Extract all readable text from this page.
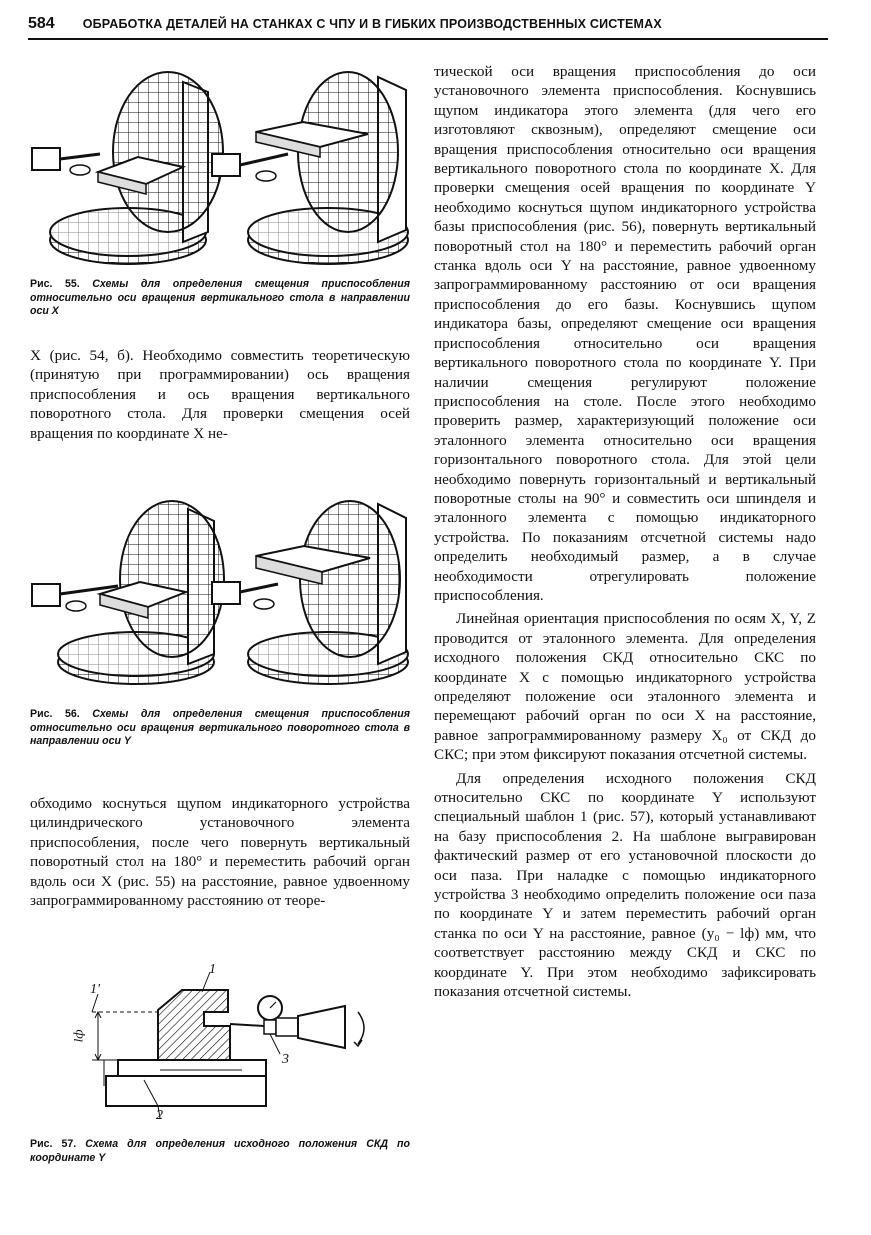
584 ОБРАБОТКА ДЕТАЛЕЙ НА СТАНКАХ С ЧПУ И В ГИБКИХ ПРОИЗВОДСТВЕННЫХ СИСТЕМАХ

Рис. 55. Схемы для определения смещения приспособления относительно оси вращения вертикального стола в направлении оси X

X (рис. 54, б). Необходимо совместить теоретическую (принятую при программировании) ось вращения приспособления и ось вращения вертикального поворотного стола. Для проверки смещения осей вращения по координате X не-

Рис. 56. Схемы для определения смещения приспособления относительно оси вращения вертикального поворотного стола в направлении оси Y

обходимо коснуться щупом индикаторного устройства цилиндрического установочного элемента приспособления, после чего повернуть вертикальный поворотный стол на 180° и переместить рабочий орган вдоль оси X (рис. 55) на расстояние, равное удвоенному запрограммированному расстоянию от теоре-

1
1'
3
2
lф

Рис. 57. Схема для определения исходного положения СКД по координате Y

тической оси вращения приспособления до оси установочного элемента приспособления. Коснувшись щупом индикатора этого элемента (для чего его изготовляют сквозным), определяют смещение оси вращения приспособления относительно оси вращения вертикального поворотного стола по координате X. Для проверки смещения осей вращения по координате Y необходимо коснуться щупом индикаторного устройства базы приспособления (рис. 56), повернуть вертикальный поворотный стол на 180° и переместить рабочий орган станка вдоль оси Y на расстояние, равное удвоенному запрограммированному расстоянию от оси вращения приспособления до его базы. Коснувшись щупом индикатора базы, определяют смещение оси вращения приспособления относительно оси вращения вертикального поворотного стола по координате Y. При наличии смещения регулируют положение приспособления на столе. После этого необходимо проверить размер, характеризующий положение оси эталонного элемента относительно оси вращения горизонтального поворотного стола. Для этой цели необходимо повернуть горизонтальный и вертикальный поворотные столы на 90° и совместить оси шпинделя и эталонного элемента с помощью индикаторного устройства. По показаниям отсчетной системы надо определить необходимый размер, а в случае необходимости отрегулировать положение приспособления.

Линейная ориентация приспособления по осям X, Y, Z проводится от эталонного элемента. Для определения исходного положения СКД относительно СКС по координате X с помощью индикаторного устройства определяют положение оси эталонного элемента и перемещают рабочий орган по оси X на расстояние, равное запрограммированному размеру X₀ от СКД до СКС; при этом фиксируют показания отсчетной системы.

Для определения исходного положения СКД относительно СКС по координате Y используют специальный шаблон 1 (рис. 57), который устанавливают на базу приспособления 2. На шаблоне выгравирован фактический размер от его установочной плоскости до оси паза. При наладке с помощью индикаторного устройства 3 необходимо определить положение оси паза по координате Y и затем переместить рабочий орган станка по оси Y на расстояние, равное (y₀ − lф) мм, что соответствует расстоянию между СКД и СКС по координате Y. При этом необходимо зафиксировать показания отсчетной системы.
